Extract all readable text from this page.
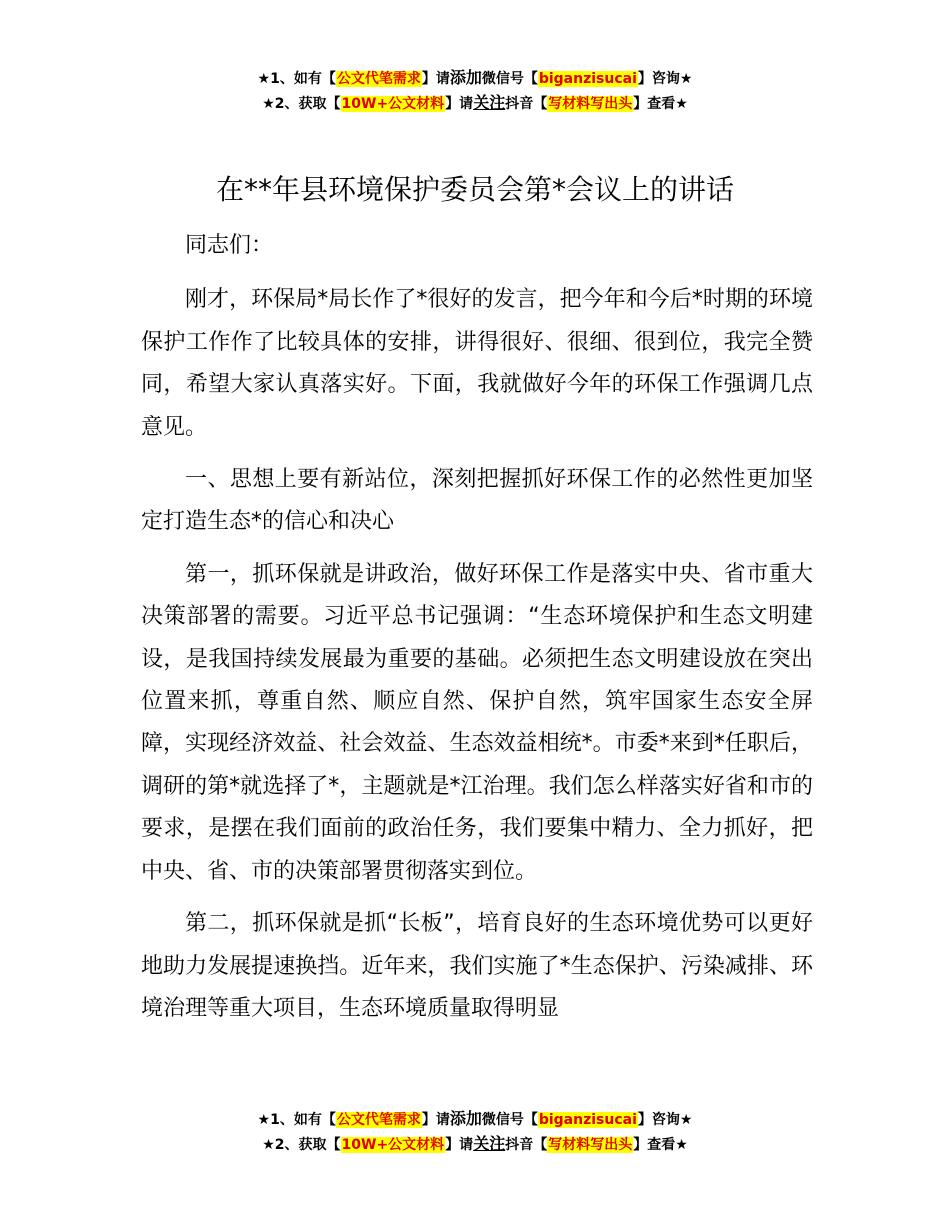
★1、如有【公文代笔需求】请添加微信号【biganzisucai】咨询★
★2、获取【10W+公文材料】请关注抖音【写材料写出头】查看★
在**年县环境保护委员会第*会议上的讲话

同志们：

刚才，环保局*局长作了*很好的发言，把今年和今后*时期的环境保护工作作了比较具体的安排，讲得很好、很细、很到位，我完全赞同，希望大家认真落实好。下面，我就做好今年的环保工作强调几点意见。

一、思想上要有新站位，深刻把握抓好环保工作的必然性更加坚定打造生态*的信心和决心

第一，抓环保就是讲政治，做好环保工作是落实中央、省市重大决策部署的需要。习近平总书记强调：“生态环境保护和生态文明建设，是我国持续发展最为重要的基础。必须把生态文明建设放在突出位置来抓，尊重自然、顺应自然、保护自然，筑牢国家生态安全屏障，实现经济效益、社会效益、生态效益相统*。市委*来到*任职后，调研的第*就选择了*，主题就是*江治理。我们怎么样落实好省和市的要求，是摆在我们面前的政治任务，我们要集中精力、全力抓好，把中央、省、市的决策部署贯彻落实到位。

第二，抓环保就是抓“长板”，培育良好的生态环境优势可以更好地助力发展提速换挡。近年来，我们实施了*生态保护、污染减排、环境治理等重大项目，生态环境质量取得明显

★1、如有【公文代笔需求】请添加微信号【biganzisucai】咨询★
★2、获取【10W+公文材料】请关注抖音【写材料写出头】查看★
